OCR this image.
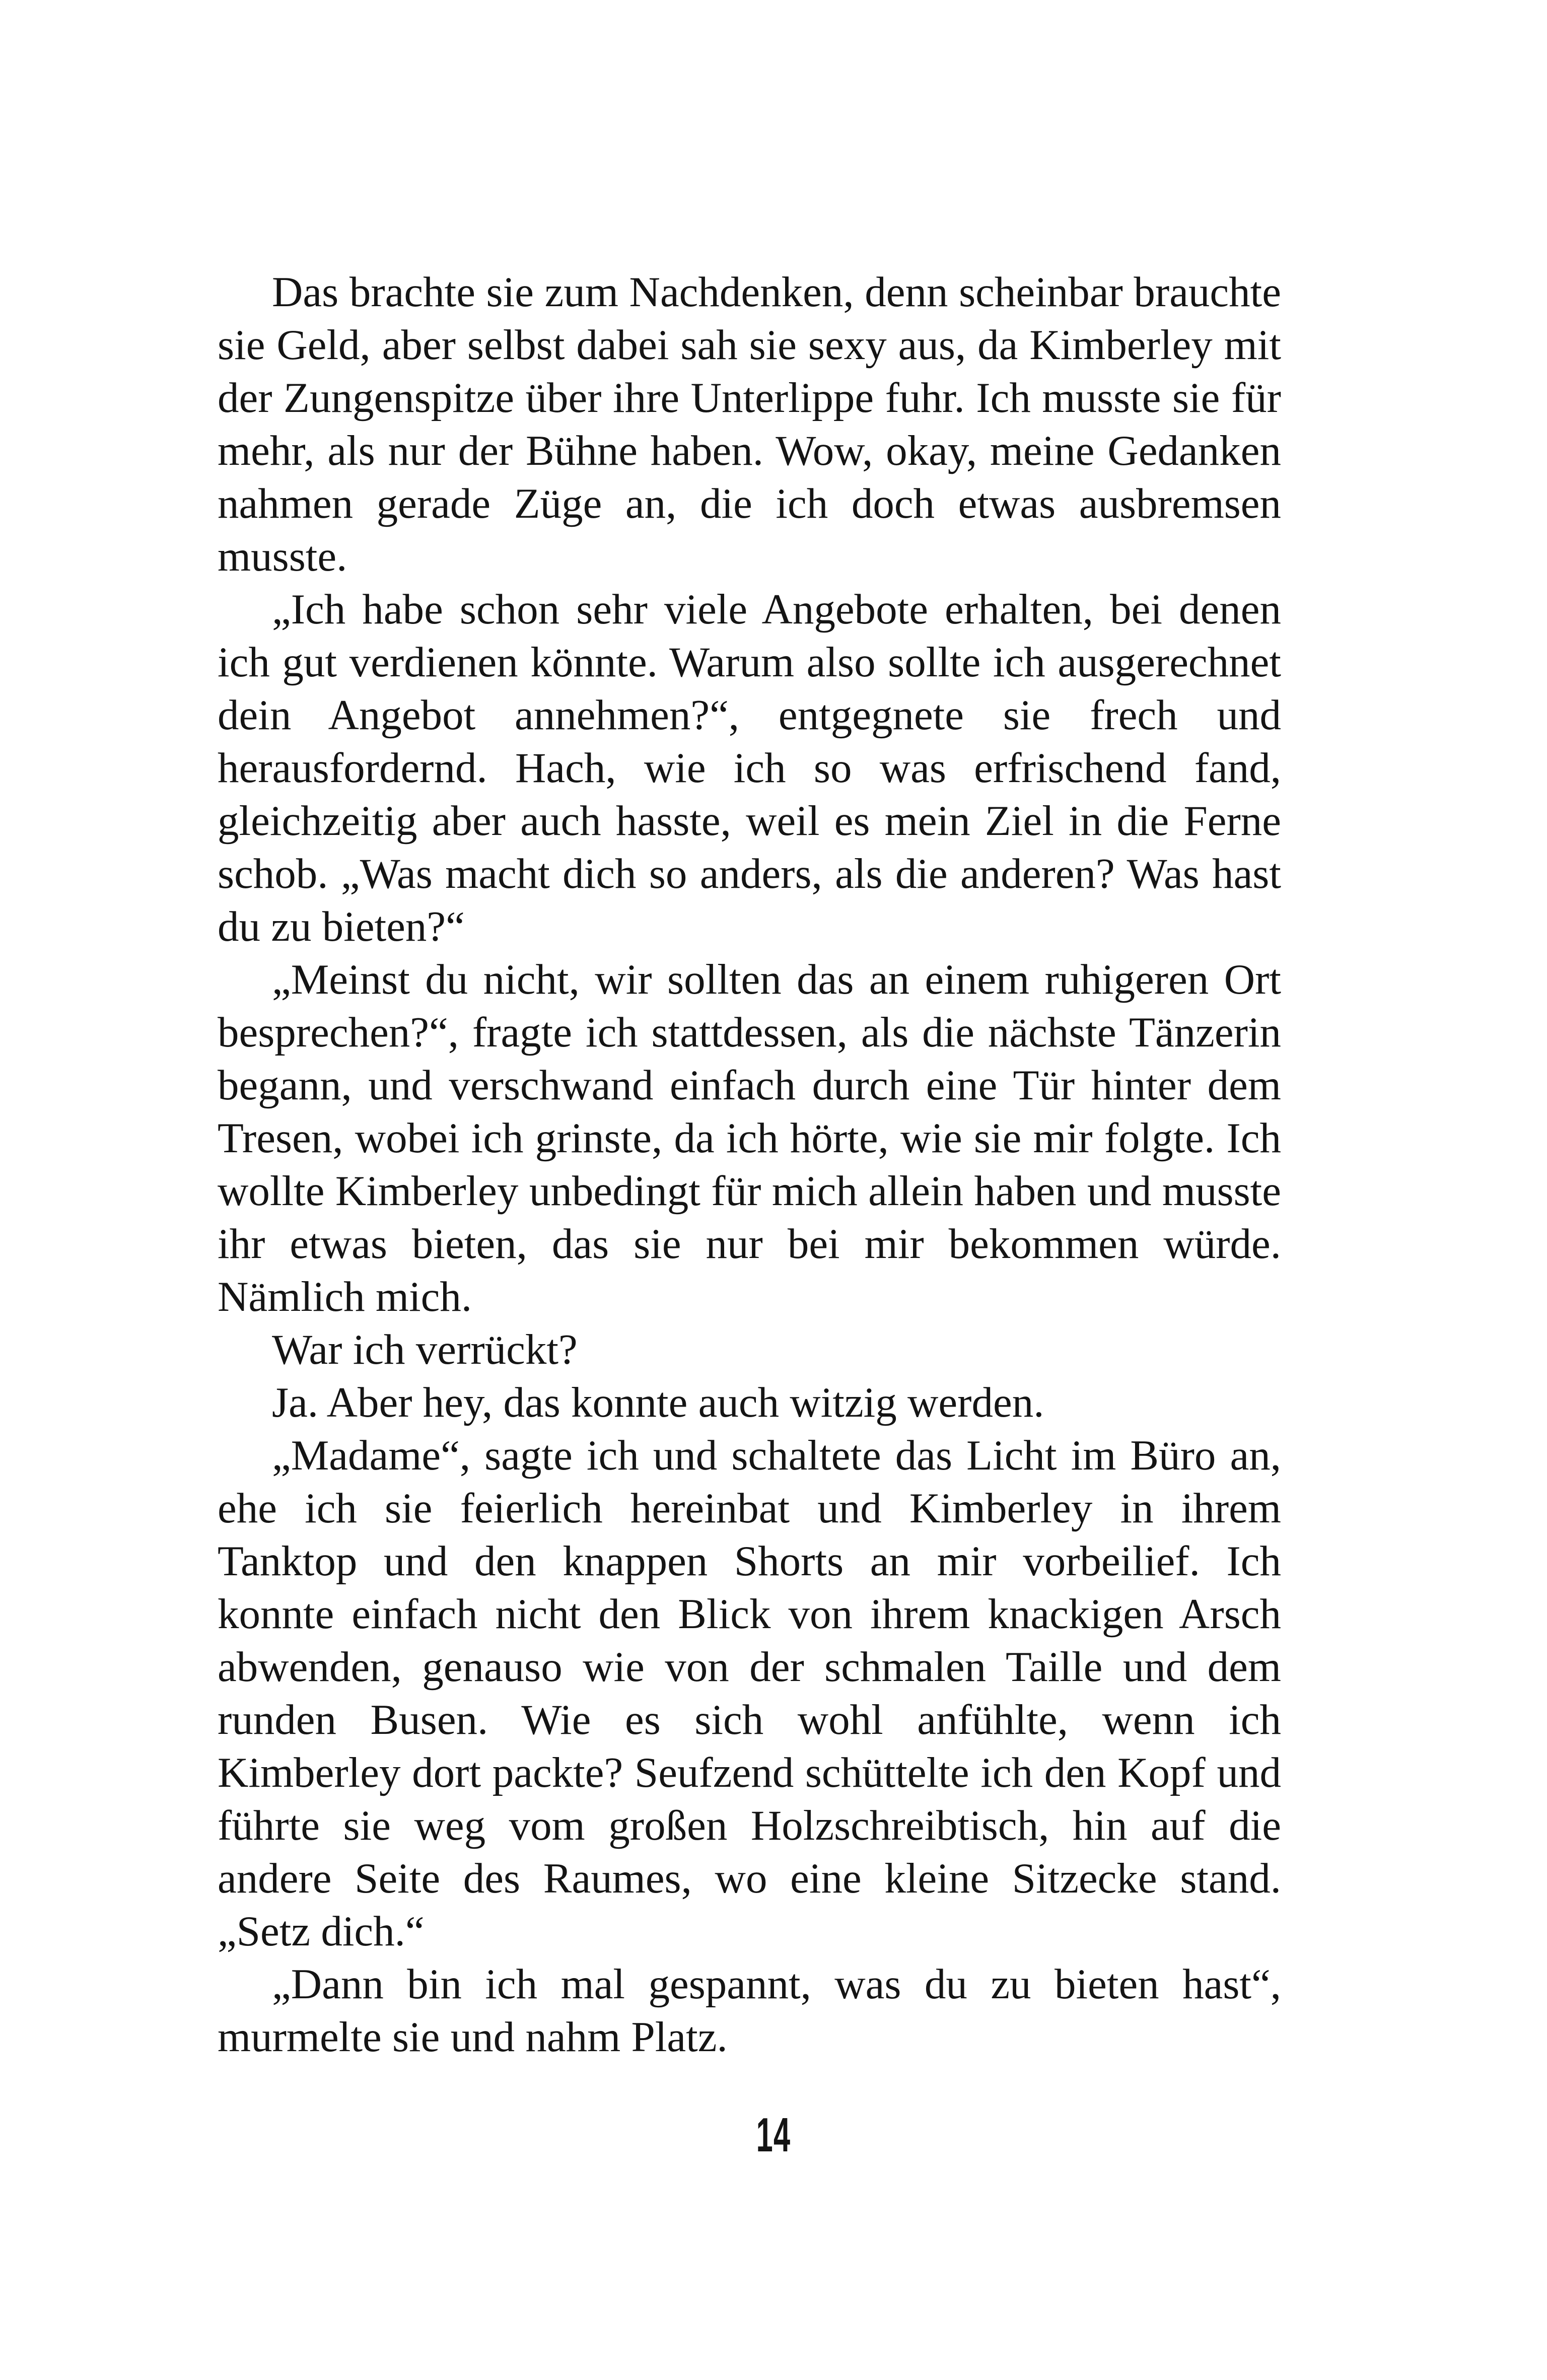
Das brachte sie zum Nachdenken, denn scheinbar brauchte sie Geld, aber selbst dabei sah sie sexy aus, da Kimberley mit der Zungenspitze über ihre Unterlippe fuhr. Ich musste sie für mehr, als nur der Bühne haben. Wow, okay, meine Gedanken nahmen gerade Züge an, die ich doch etwas ausbremsen musste.

„Ich habe schon sehr viele Angebote erhalten, bei denen ich gut verdienen könnte. Warum also sollte ich ausgerechnet dein Angebot annehmen?“, entgegnete sie frech und herausfordernd. Hach, wie ich so was erfrischend fand, gleichzeitig aber auch hasste, weil es mein Ziel in die Ferne schob. „Was macht dich so anders, als die anderen? Was hast du zu bieten?“

„Meinst du nicht, wir sollten das an einem ruhigeren Ort besprechen?“, fragte ich stattdessen, als die nächste Tänzerin begann, und verschwand einfach durch eine Tür hinter dem Tresen, wobei ich grinste, da ich hörte, wie sie mir folgte. Ich wollte Kimberley unbedingt für mich allein haben und musste ihr etwas bieten, das sie nur bei mir bekommen würde. Nämlich mich.

War ich verrückt?

Ja. Aber hey, das konnte auch witzig werden.

„Madame“, sagte ich und schaltete das Licht im Büro an, ehe ich sie feierlich hereinbat und Kimberley in ihrem Tanktop und den knappen Shorts an mir vorbeilief. Ich konnte einfach nicht den Blick von ihrem knackigen Arsch abwenden, genauso wie von der schmalen Taille und dem runden Busen. Wie es sich wohl anfühlte, wenn ich Kimberley dort packte? Seufzend schüttelte ich den Kopf und führte sie weg vom großen Holzschreibtisch, hin auf die andere Seite des Raumes, wo eine kleine Sitzecke stand. „Setz dich.“

„Dann bin ich mal gespannt, was du zu bieten hast“, murmelte sie und nahm Platz.

14
